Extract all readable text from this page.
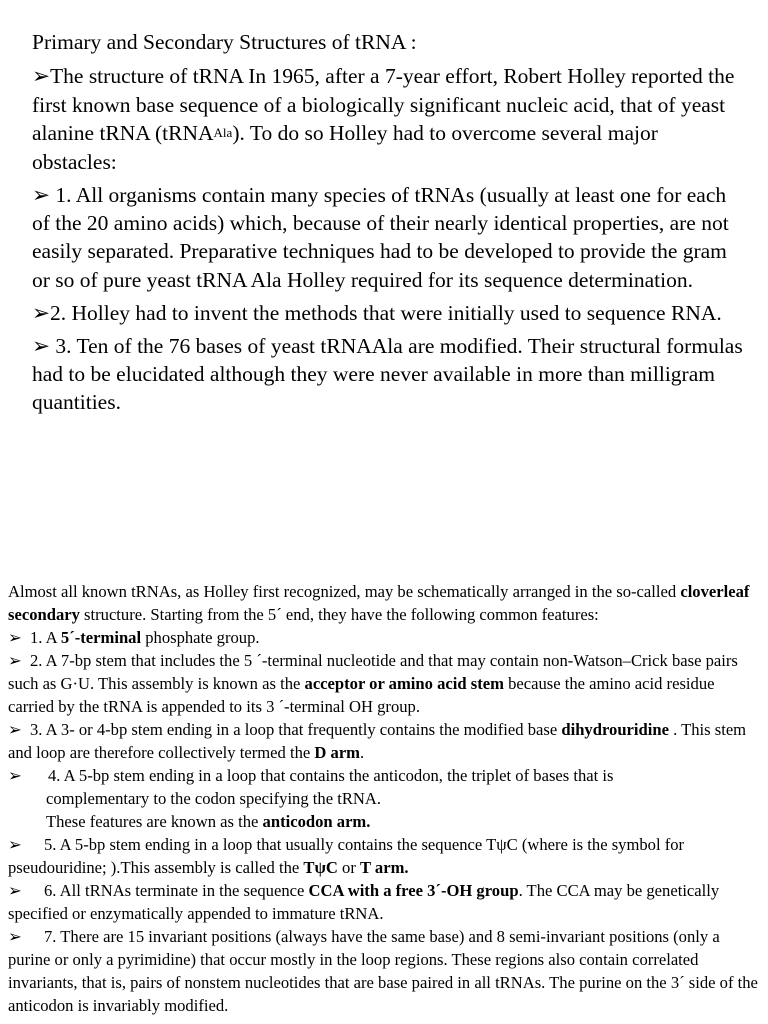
Primary and Secondary Structures of tRNA :

➢The structure of tRNA In 1965, after a 7-year effort, Robert Holley reported the first known base sequence of a biologically significant nucleic acid, that of yeast alanine tRNA (tRNA$^{Ala}$). To do so Holley had to overcome several major obstacles:

➢ 1. All organisms contain many species of tRNAs (usually at least one for each of the 20 amino acids) which, because of their nearly identical properties, are not easily separated. Preparative techniques had to be developed to provide the gram or so of pure yeast tRNA Ala Holley required for its sequence determination.

➢2. Holley had to invent the methods that were initially used to sequence RNA.

➢ 3. Ten of the 76 bases of yeast tRNAAla are modified. Their structural formulas had to be elucidated although they were never available in more than milligram quantities.

Almost all known tRNAs, as Holley first recognized, may be schematically arranged in the so-called cloverleaf secondary structure. Starting from the 5´ end, they have the following common features:

➢ 1. A 5´-terminal phosphate group.

➢ 2. A 7-bp stem that includes the 5 ´-terminal nucleotide and that may contain non-Watson–Crick base pairs such as G·U. This assembly is known as the acceptor or amino acid stem because the amino acid residue carried by the tRNA is appended to its 3 ´-terminal OH group.

➢ 3. A 3- or 4-bp stem ending in a loop that frequently contains the modified base dihydrouridine . This stem and loop are therefore collectively termed the D arm.

➢ 4. A 5-bp stem ending in a loop that contains the anticodon, the triplet of bases that is

complementary to the codon specifying the tRNA.

These features are known as the anticodon arm.

➢ 5. A 5-bp stem ending in a loop that usually contains the sequence TψC (where is the symbol for pseudouridine; ).This assembly is called the TψC or T arm.

➢ 6. All tRNAs terminate in the sequence CCA with a free 3´-OH group. The CCA may be genetically specified or enzymatically appended to immature tRNA.

➢ 7. There are 15 invariant positions (always have the same base) and 8 semi-invariant positions (only a purine or only a pyrimidine) that occur mostly in the loop regions. These regions also contain correlated invariants, that is, pairs of nonstem nucleotides that are base paired in all tRNAs. The purine on the 3´ side of the anticodon is invariably modified.
